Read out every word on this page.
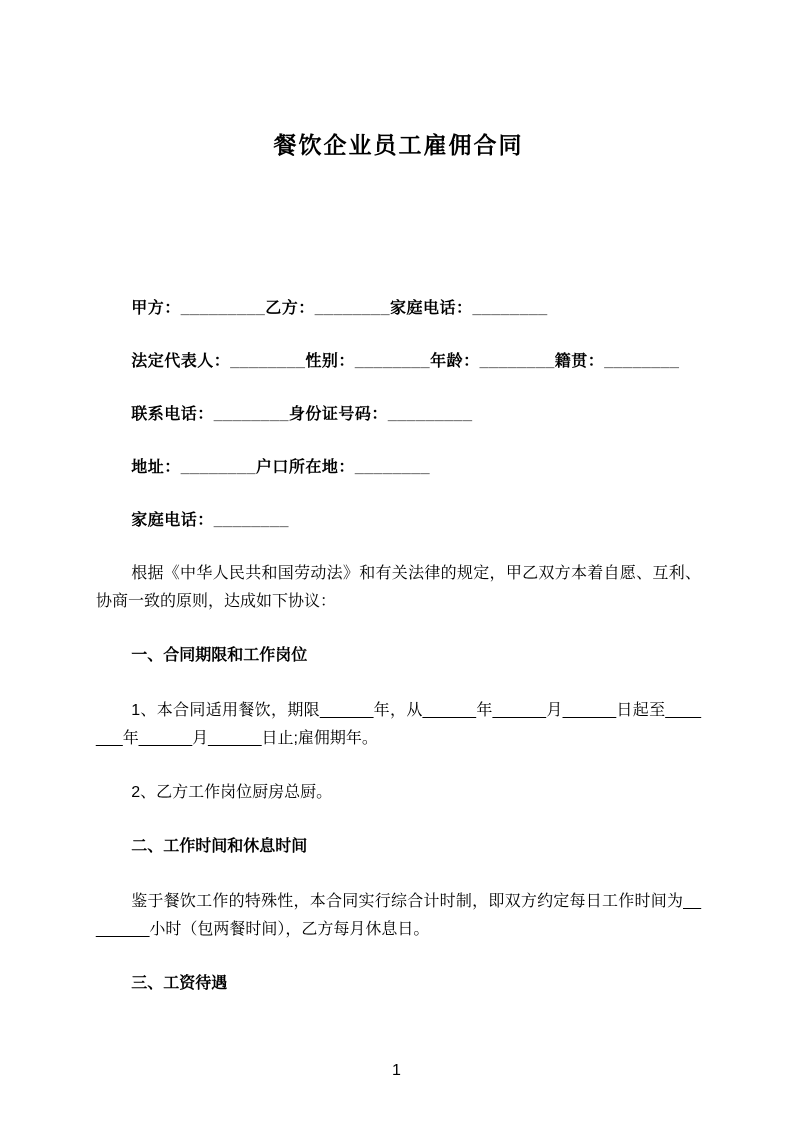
餐饮企业员工雇佣合同

甲方：_________乙方：________家庭电话：________

法定代表人：________性别：________年龄：________籍贯：________

联系电话：________身份证号码：_________

地址：________户口所在地：________

家庭电话：________

根据《中华人民共和国劳动法》和有关法律的规定，甲乙双方本着自愿、互利、协商一致的原则，达成如下协议：

一、合同期限和工作岗位

1、本合同适用餐饮，期限______年，从______年______月______日起至_______年______月______日止;雇佣期年。

2、乙方工作岗位厨房总厨。

二、工作时间和休息时间

鉴于餐饮工作的特殊性，本合同实行综合计时制，即双方约定每日工作时间为________小时（包两餐时间），乙方每月休息日。

三、工资待遇

1
